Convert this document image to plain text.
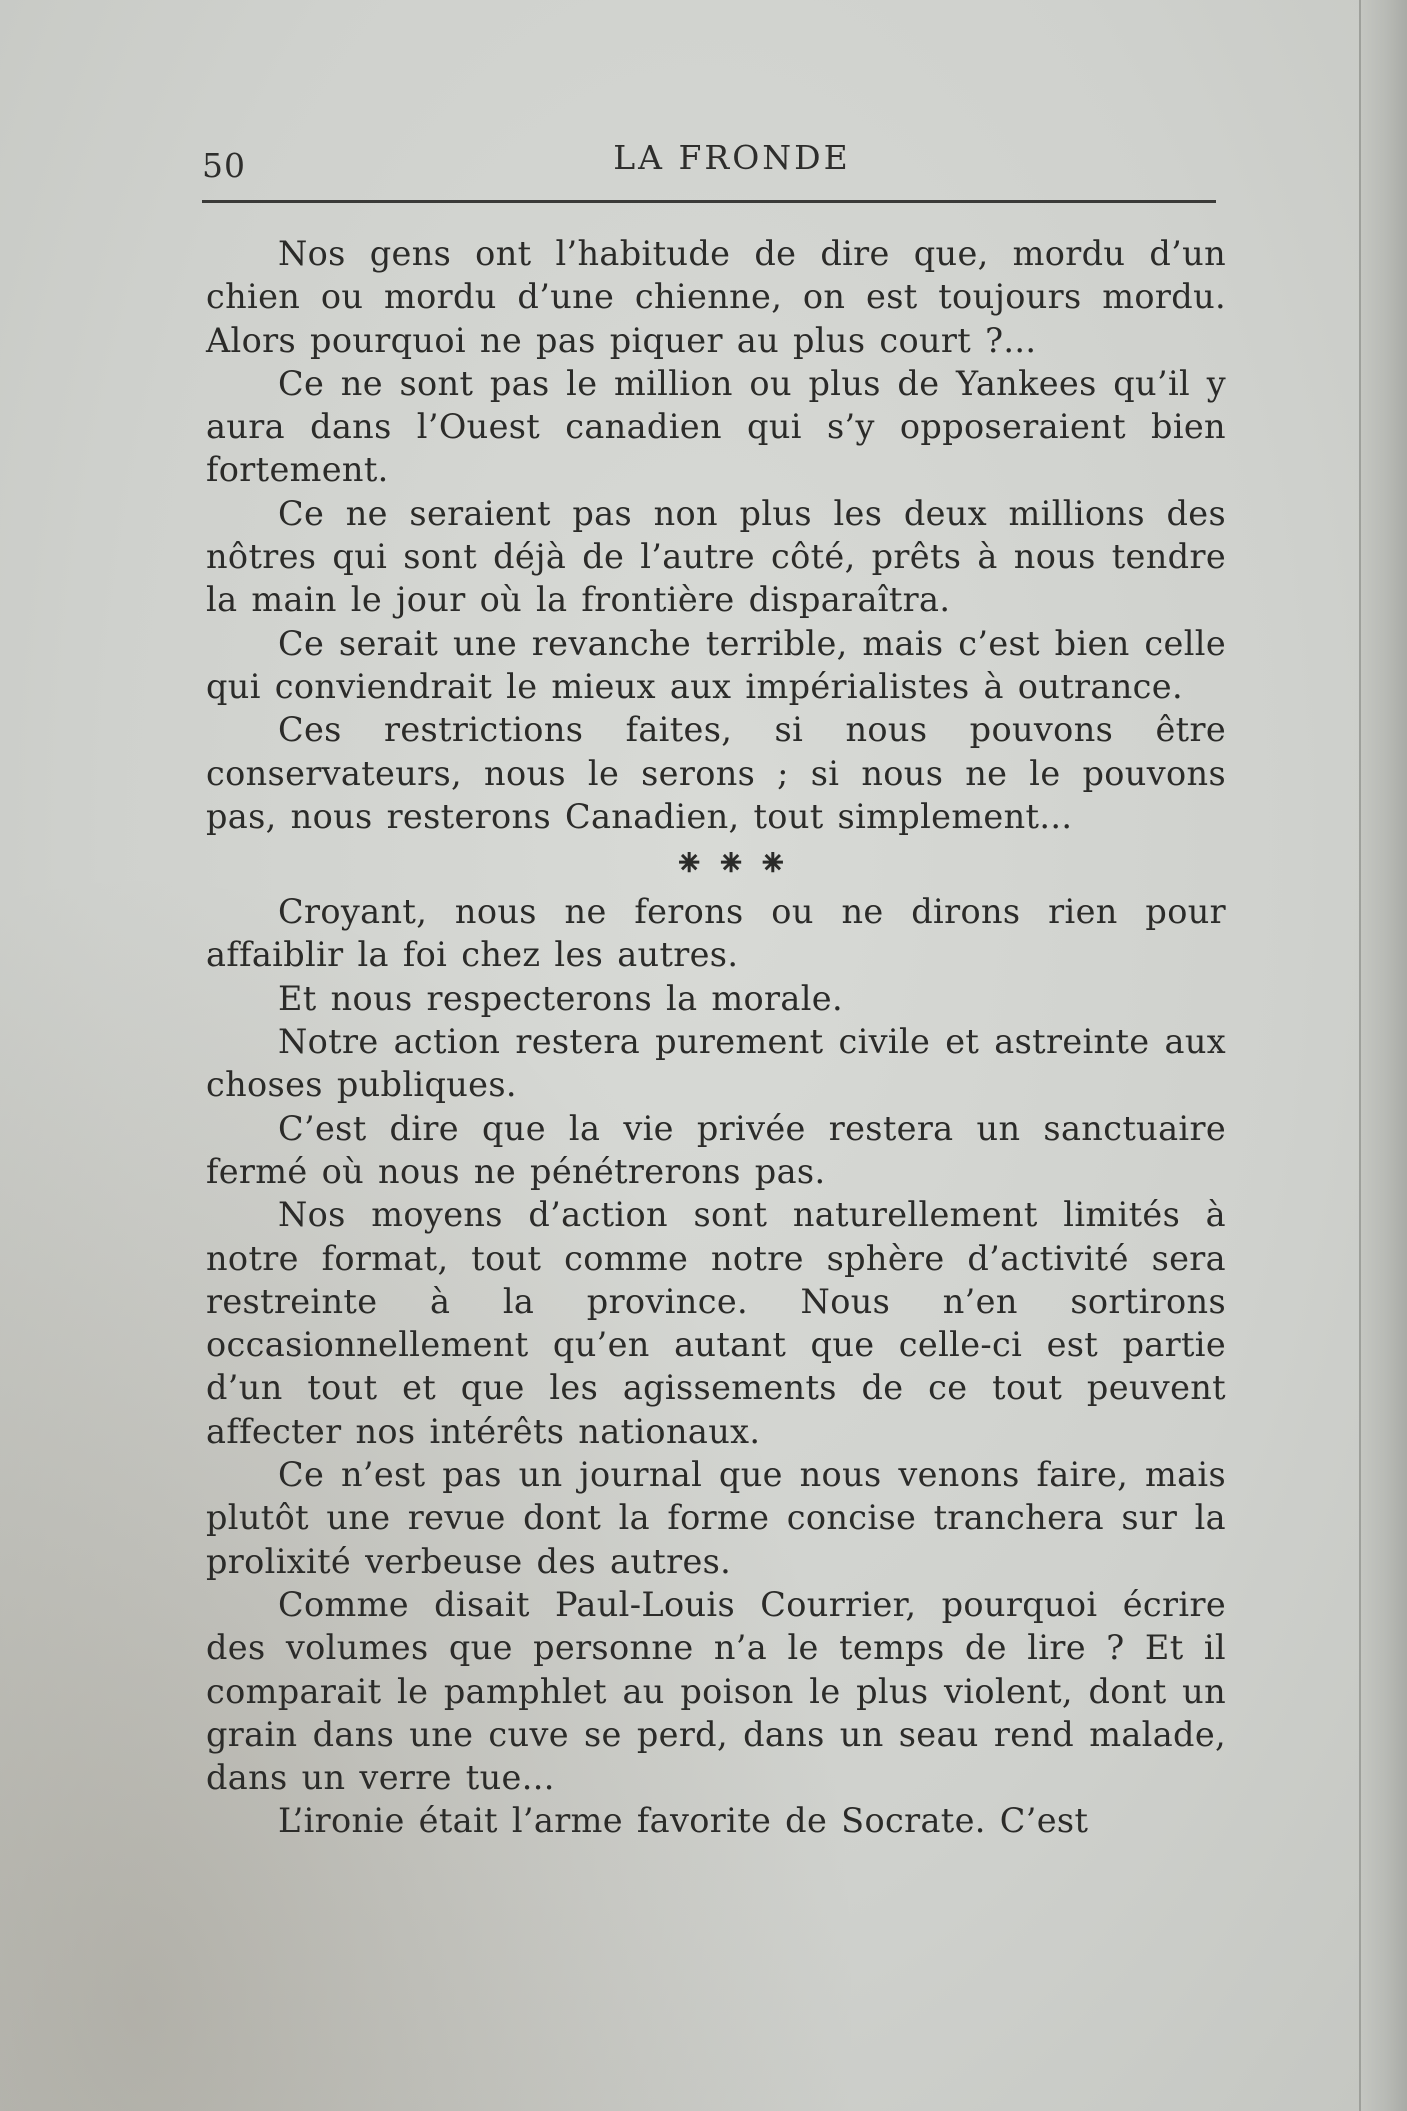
50	LA FRONDE

Nos gens ont l’habitude de dire que, mordu d’un chien ou mordu d’une chienne, on est toujours mordu. Alors pourquoi ne pas piquer au plus court ?...

Ce ne sont pas le million ou plus de Yankees qu’il y aura dans l’Ouest canadien qui s’y opposeraient bien fortement.

Ce ne seraient pas non plus les deux millions des nôtres qui sont déjà de l’autre côté, prêts à nous tendre la main le jour où la frontière disparaîtra.

Ce serait une revanche terrible, mais c’est bien celle qui conviendrait le mieux aux impérialistes à outrance.

Ces restrictions faites, si nous pouvons être conservateurs, nous le serons ; si nous ne le pouvons pas, nous resterons Canadien, tout simplement...

⁕⁕⁕

Croyant, nous ne ferons ou ne dirons rien pour affaiblir la foi chez les autres.

Et nous respecterons la morale.

Notre action restera purement civile et astreinte aux choses publiques.

C’est dire que la vie privée restera un sanctuaire fermé où nous ne pénétrerons pas.

Nos moyens d’action sont naturellement limités à notre format, tout comme notre sphère d’activité sera restreinte à la province. Nous n’en sortirons occasionnellement qu’en autant que celle-ci est partie d’un tout et que les agissements de ce tout peuvent affecter nos intérêts nationaux.

Ce n’est pas un journal que nous venons faire, mais plutôt une revue dont la forme concise tranchera sur la prolixité verbeuse des autres.

Comme disait Paul-Louis Courrier, pourquoi écrire des volumes que personne n’a le temps de lire ? Et il comparait le pamphlet au poison le plus violent, dont un grain dans une cuve se perd, dans un seau rend malade, dans un verre tue...

L’ironie était l’arme favorite de Socrate. C’est
